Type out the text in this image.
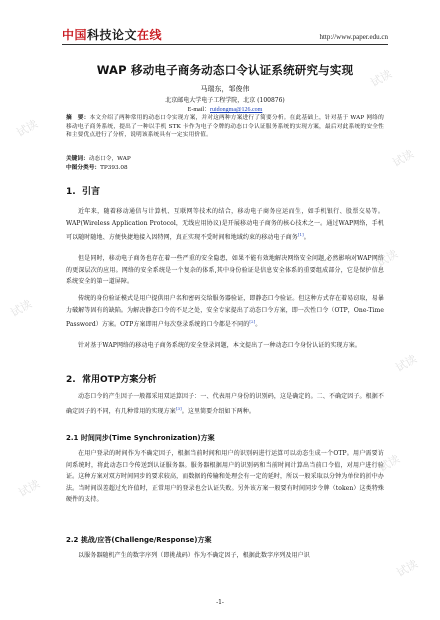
中国科技论文在线	http://www.paper.edu.cn
WAP 移动电子商务动态口令认证系统研究与实现
马瑞东，邹俊伟
北京邮电大学电子工程学院，北京 (100876)
E-mail：ruidongma@126.com
摘　要：本文介绍了两种常用的动态口令实现方案，并对这两种方案进行了简要分析。在此基础上，针对基于 WAP 网络的移动电子商务系统，提出了一种以手机 STK 卡作为电子令牌的动态口令认证服务系统的实现方案，最后对此系统的安全性和主要优点进行了分析，说明该系统具有一定实用价值。
关键词：动态口令，WAP
中图分类号：TP393.08
1. 引言
近年来，随着移动通信与计算机、互联网等技术的结合，移动电子商务应运而生，如手机银行、股票交易等。WAP(Wireless Application Protocol，无线应用协议)是开展移动电子商务的核心技术之一。通过WAP网络，手机可以随时随地、方便快捷地接入因特网，真正实现不受时间和地域约束的移动电子商务[1]。
但是同时，移动电子商务也存在着一些严重的安全隐患，如果不能有效地解决网络安全问题,必然影响对WAP网络的更深层次的应用。网络的安全系统是一个复杂的体系,其中身份验证是信息安全体系的重要组成部分，它是保护信息系统安全的第一道屏障。
传统的身份验证模式是用户提供用户名和密码交给服务器验证，即静态口令验证。但这种方式存在着易窃取，易暴力破解等固有的缺陷。为解决静态口令的不足之处，安全专家提出了动态口令方案，即一次性口令（OTP，One-Time Password）方案。OTP方案即用户每次登录系统的口令都是不同的[2]。
针对基于WAP网络的移动电子商务系统的安全登录问题，本文提出了一种动态口令身份认证的实现方案。
2. 常用OTP方案分析
动态口令的产生因子一般都采用双运算因子：一、代表用户身份的识别码，这是确定的。二、不确定因子。根据不确定因子的不同，有几种常用的实现方案[3]。这里简要介绍如下两种。
2.1 时间同步(Time Synchronization)方案
在用户登录的时间作为不确定因子，根据当前时间和用户的识别码进行运算可以动态生成一个OTP。用户需要访问系统时，将此动态口令传送到认证服务器。服务器根据用户的识别码和当前时间计算出当前口令值，对用户进行验证。这种方案对双方时间同步的要求较高，而数据的传输和处理会有一定的延时，所以一般采取以分钟为单位的折中办法。当时间误差超过允许值时，正常用户的登录也会认证失败。另外该方案一般要有时间同步令牌（token）这类特殊硬件的支持。
2.2 挑战/应答(Challenge/Response)方案
以服务器随机产生的数字序列（即挑战码）作为不确定因子，根据此数字序列及用户识
-1-
试读
试读
试读
试读
试读
试读
试读
试读
试读
